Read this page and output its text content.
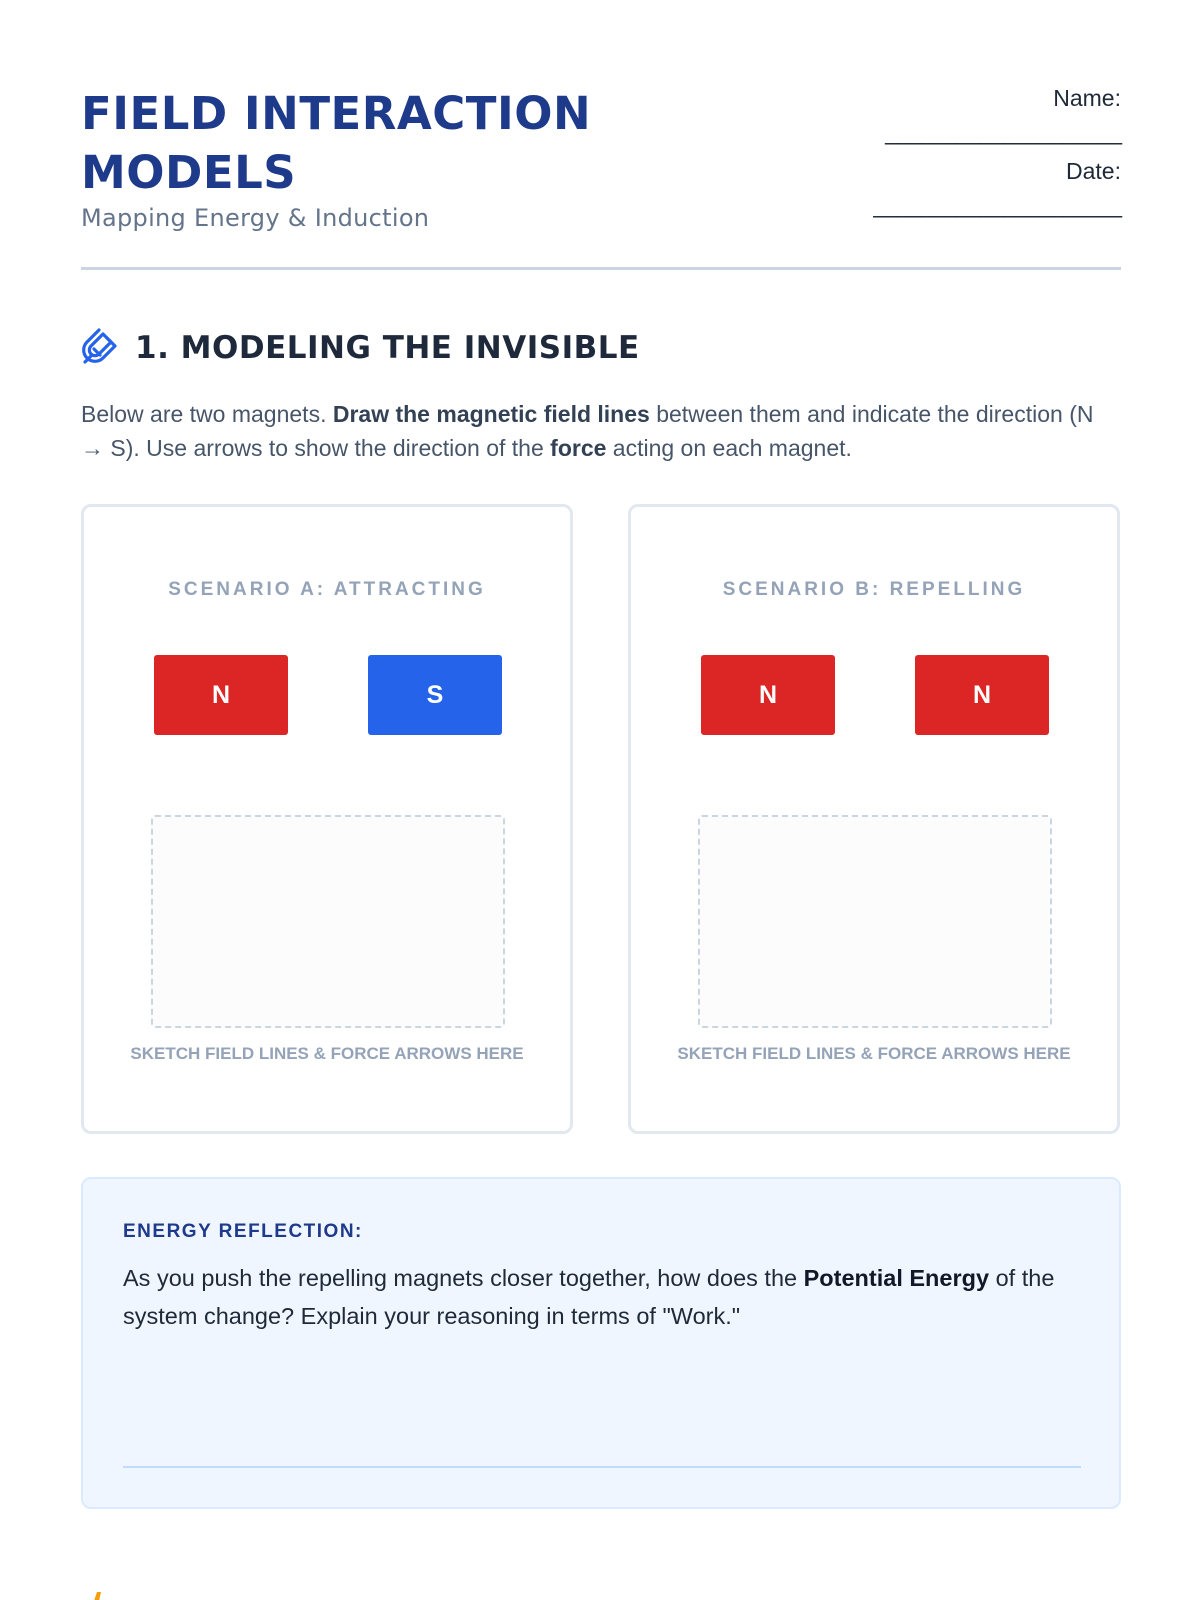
FIELD INTERACTION MODELS
Mapping Energy & Induction
Name:
____________________
Date:
_____________________
1. MODELING THE INVISIBLE
Below are two magnets. Draw the magnetic field lines between them and indicate the direction (N → S). Use arrows to show the direction of the force acting on each magnet.
SCENARIO A: ATTRACTING
N	S
SKETCH FIELD LINES & FORCE ARROWS HERE
SCENARIO B: REPELLING
N	N
SKETCH FIELD LINES & FORCE ARROWS HERE
ENERGY REFLECTION:
As you push the repelling magnets closer together, how does the Potential Energy of the system change? Explain your reasoning in terms of "Work."
